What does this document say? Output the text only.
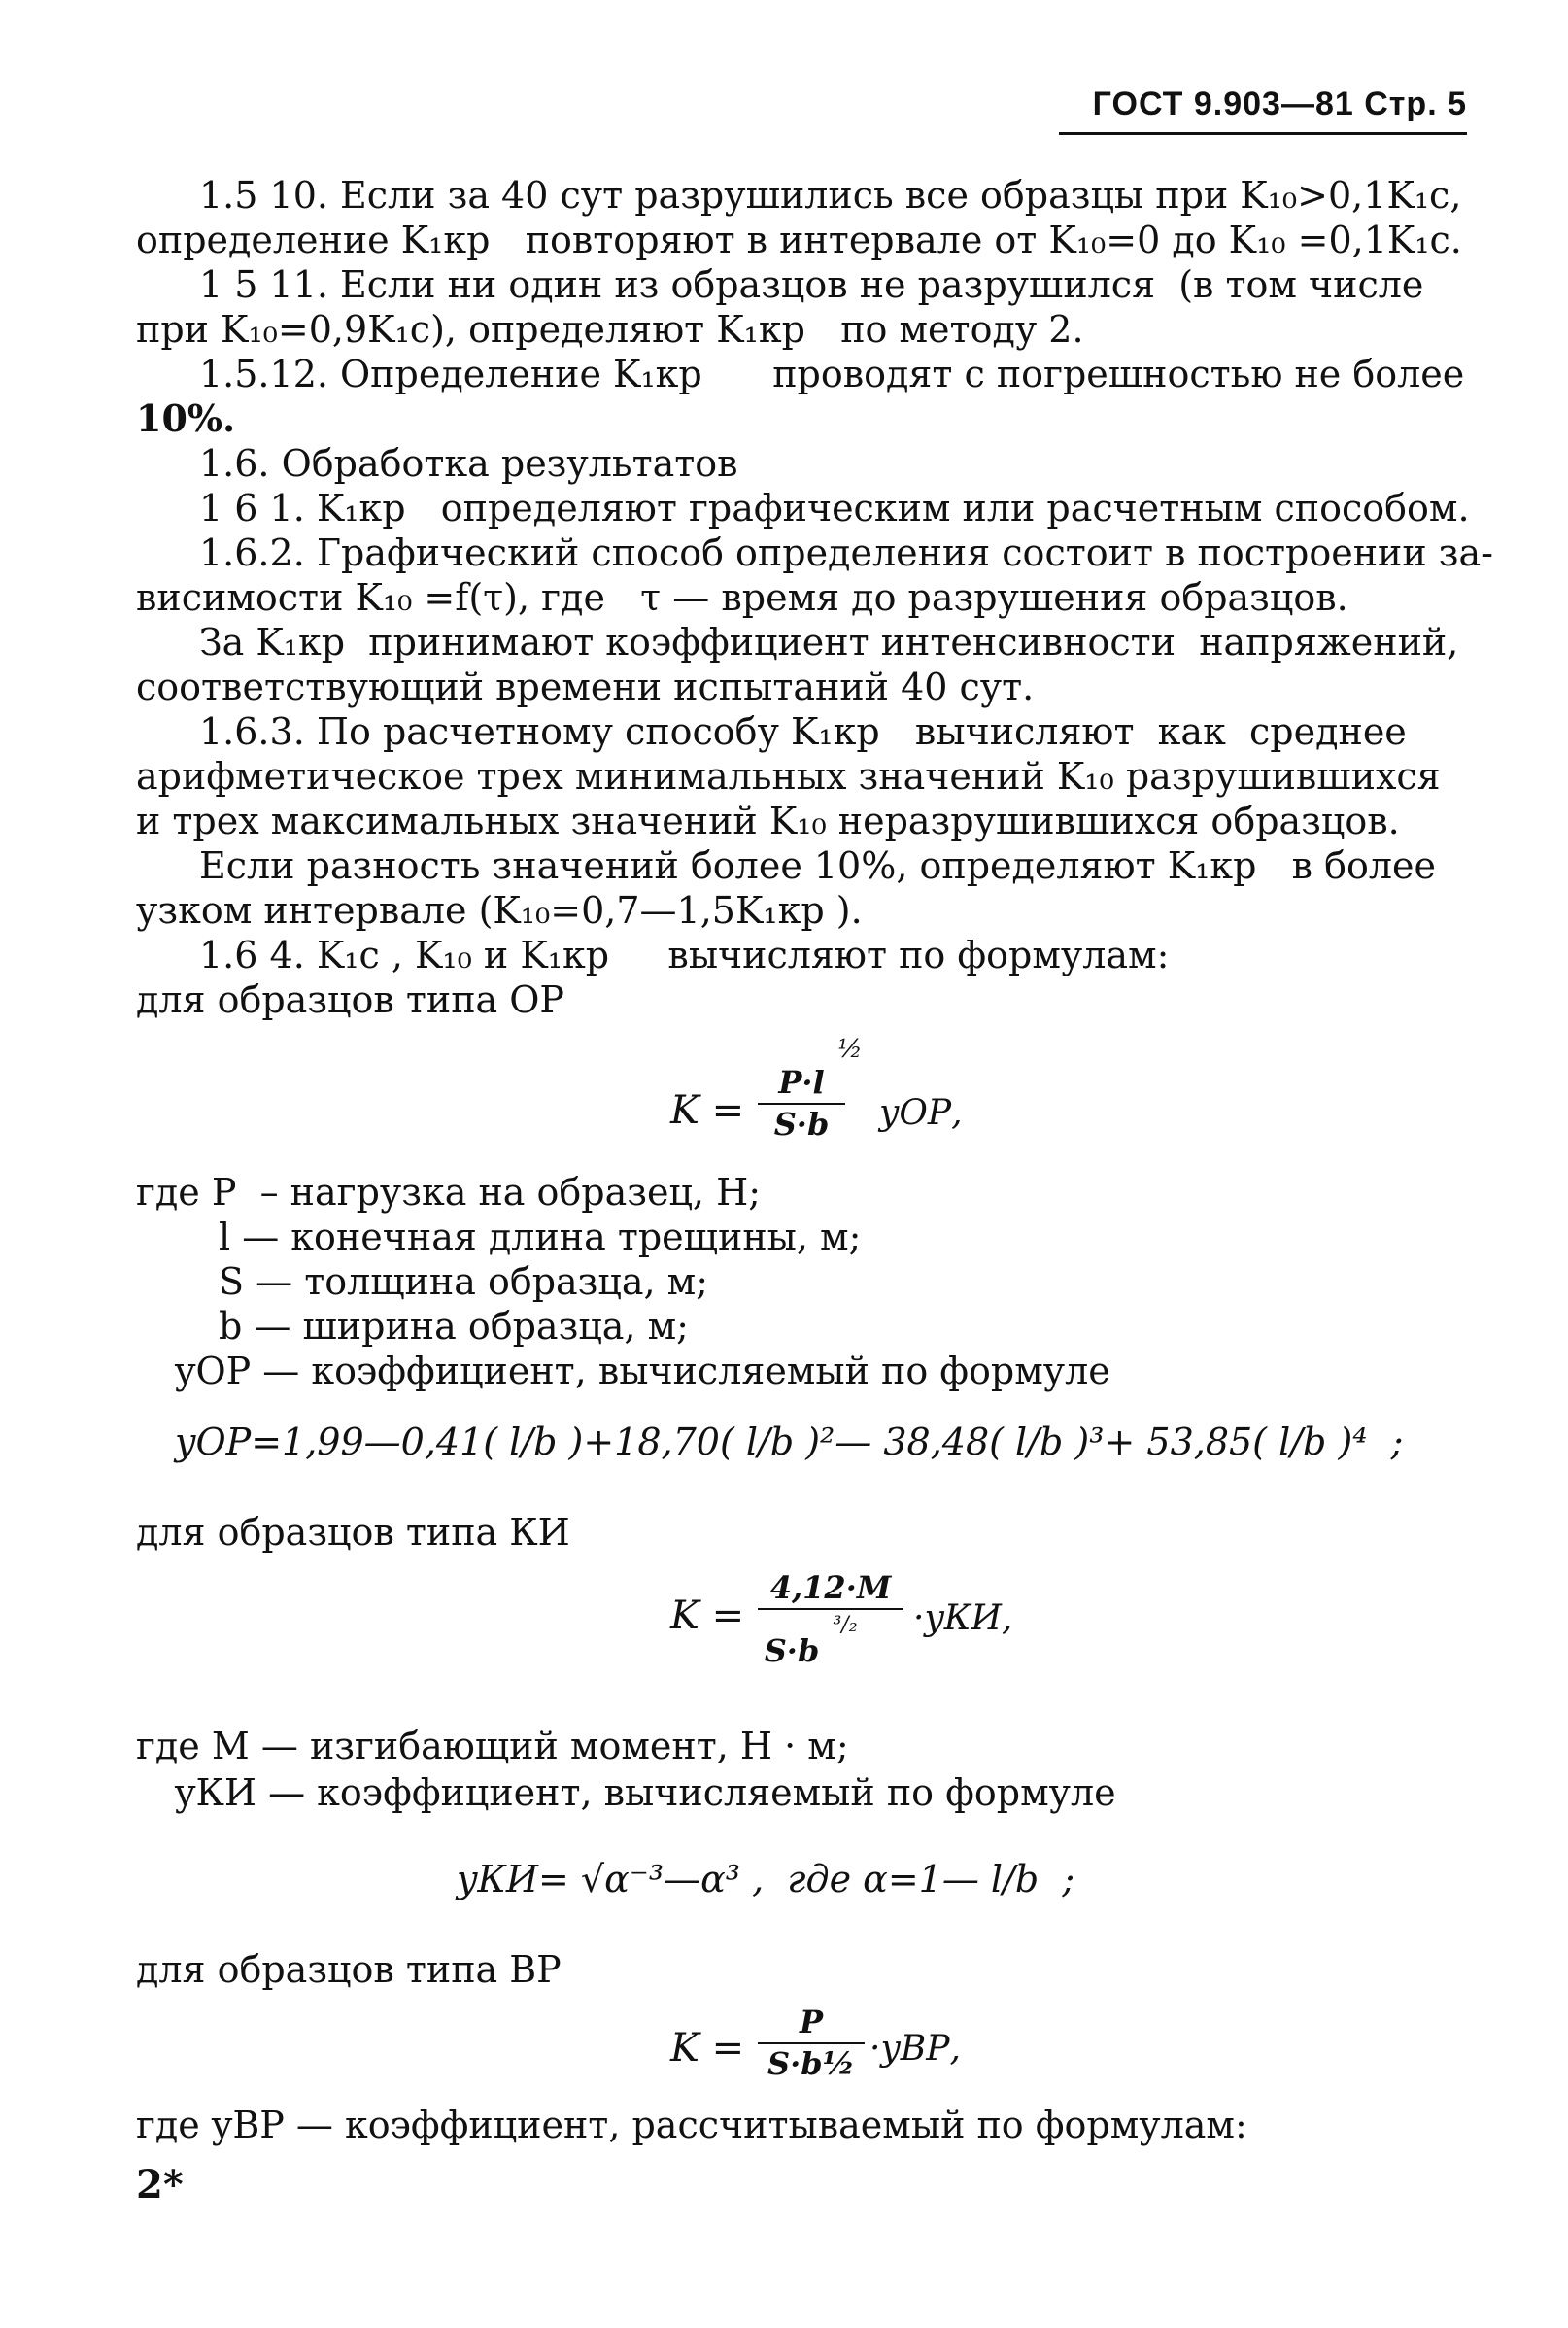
ГОСТ 9.903—81 Стр. 5
1.5 10. Если за 40 сут разрушились все образцы при K₁₀>0,1K₁c,
определение K₁кр   повторяют в интервале от K₁₀=0 до K₁₀ =0,1K₁c.
1 5 11. Если ни один из образцов не разрушился  (в том числе
при K₁₀=0,9K₁c), определяют K₁кр   по методу 2.
1.5.12. Определение K₁кр      проводят с погрешностью не более
10%.
1.6. Обработка результатов
1 6 1. K₁кр   определяют графическим или расчетным способом.
1.6.2. Графический способ определения состоит в построении за-
висимости K₁₀ =f(τ), где   τ — время до разрушения образцов.
За K₁кр  принимают коэффициент интенсивности  напряжений,
соответствующий времени испытаний 40 сут.
1.6.3. По расчетному способу K₁кр   вычисляют  как  среднее
арифметическое трех минимальных значений K₁₀ разрушившихся
и трех максимальных значений K₁₀ неразрушившихся образцов.
Если разность значений более 10%, определяют K₁кр   в более
узком интервале (K₁₀=0,7—1,5K₁кр ).
1.6 4. K₁c , K₁₀ и K₁кр     вычисляют по формулам:
для образцов типа ОР
K =
P·l
S·b
½
yОР,
где P  – нагрузка на образец, Н;
l — конечная длина трещины, м;
S — толщина образца, м;
b — ширина образца, м;
yОР — коэффициент, вычисляемый по формуле
yОР=1,99—0,41( l/b )+18,70( l/b )²— 38,48( l/b )³+ 53,85( l/b )⁴  ;
для образцов типа КИ
K =
4,12·M
S·b
³/₂ ·yКИ,
где M — изгибающий момент, Н · м;
yКИ — коэффициент, вычисляемый по формуле
yКИ= √α⁻³—α³ ,  где α=1— l/b  ;
для образцов типа ВР
K =
P
S·b½ ·yВР,
где yВР — коэффициент, рассчитываемый по формулам:
2*
